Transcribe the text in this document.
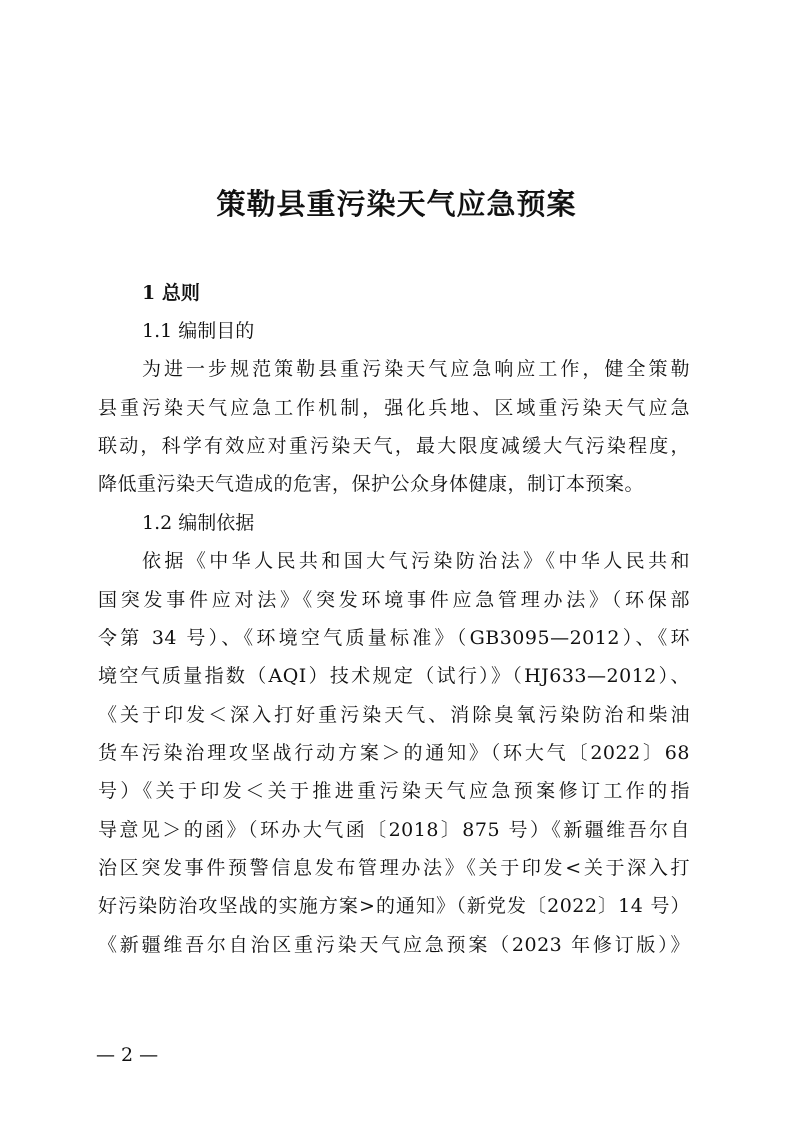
策勒县重污染天气应急预案
1 总则
1.1 编制目的
为进一步规范策勒县重污染天气应急响应工作，健全策勒
县重污染天气应急工作机制，强化兵地、区域重污染天气应急
联动，科学有效应对重污染天气，最大限度减缓大气污染程度，
降低重污染天气造成的危害，保护公众身体健康，制订本预案。
1.2 编制依据
依据《中华人民共和国大气污染防治法》《中华人民共和
国突发事件应对法》《突发环境事件应急管理办法》（环保部
令第 34 号）、《环境空气质量标准》（GB3095—2012）、《环
境空气质量指数（AQI）技术规定（试行）》（HJ633—2012）、
《关于印发＜深入打好重污染天气、消除臭氧污染防治和柴油
货车污染治理攻坚战行动方案＞的通知》（环大气〔2022〕68
号）《关于印发＜关于推进重污染天气应急预案修订工作的指
导意见＞的函》（环办大气函〔2018〕875 号）《新疆维吾尔自
治区突发事件预警信息发布管理办法》《关于印发<关于深入打
好污染防治攻坚战的实施方案>的通知》（新党发〔2022〕14 号）
《新疆维吾尔自治区重污染天气应急预案（2023 年修订版）》
— 2 —
